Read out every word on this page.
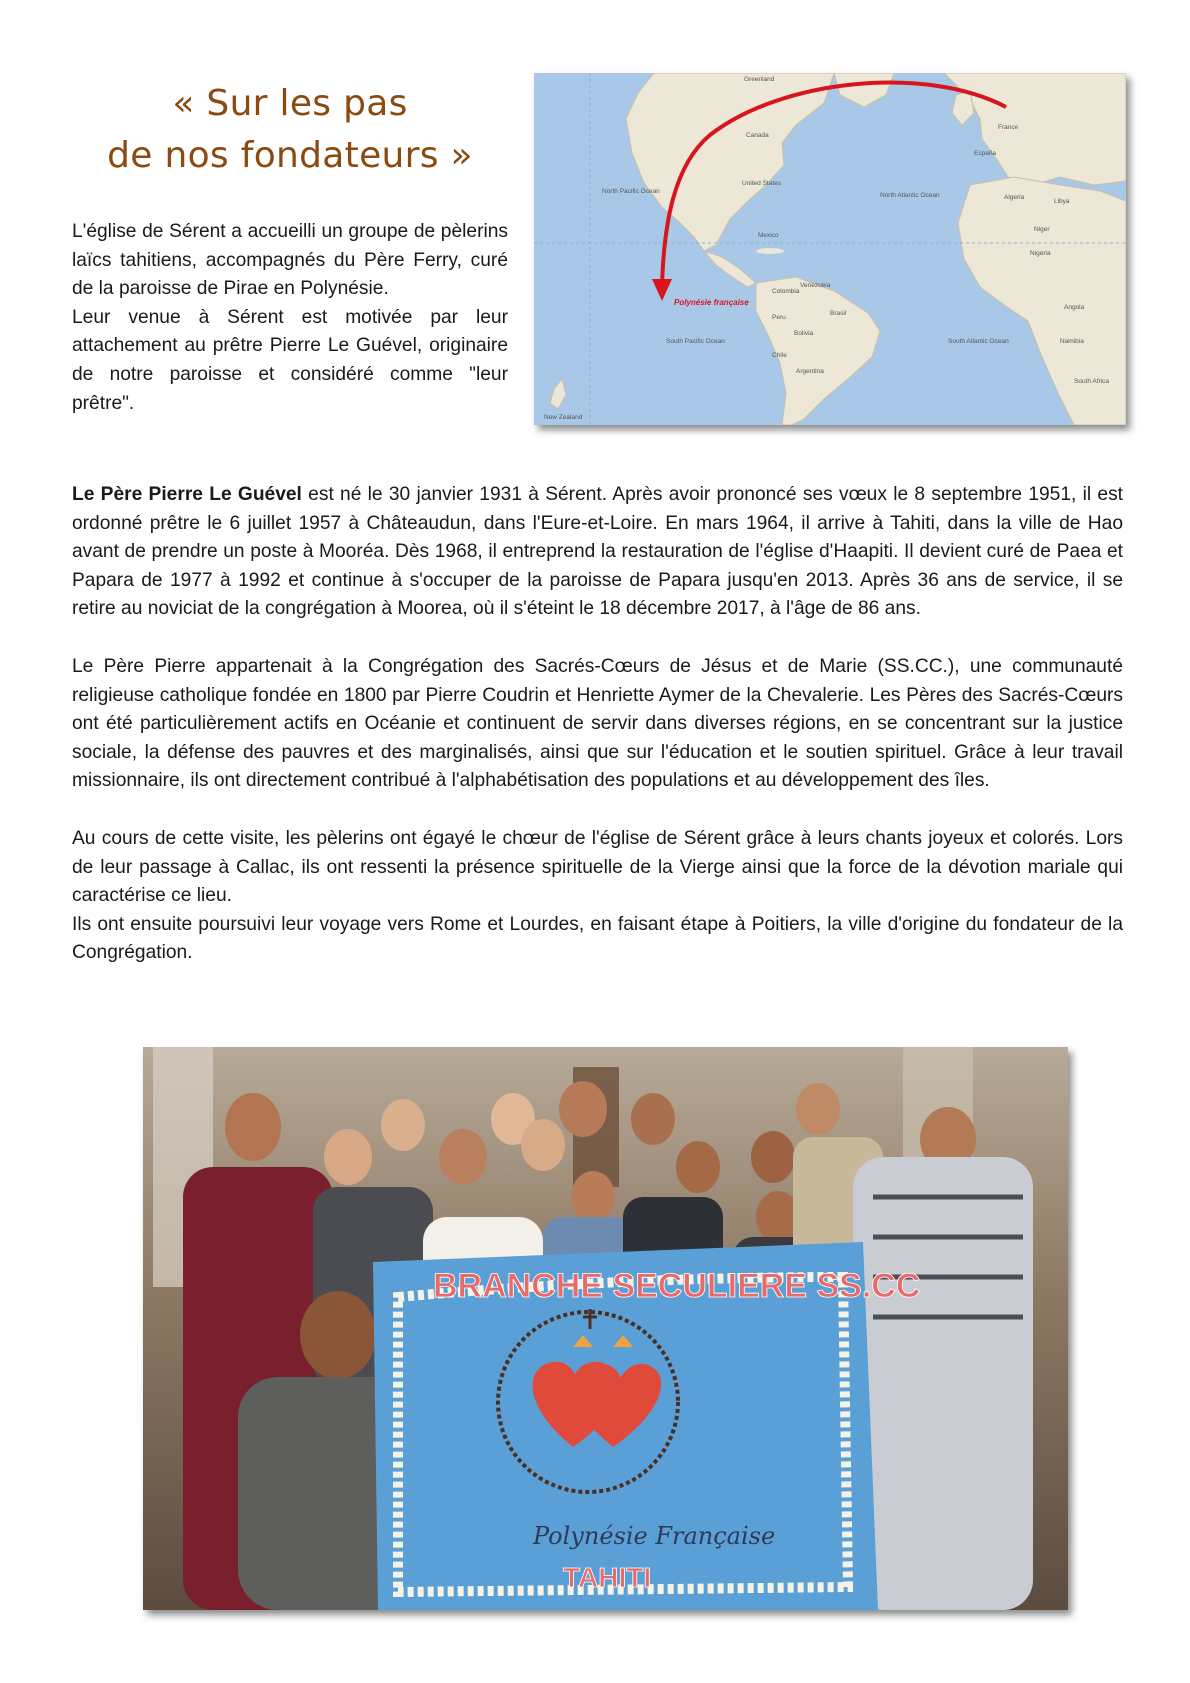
« Sur les pas
de nos fondateurs »

L'église de Sérent a accueilli un groupe de pèlerins laïcs tahitiens, accompagnés du Père Ferry, curé de la paroisse de Pirae en Polynésie.

Leur venue à Sérent est motivée par leur attachement au prêtre Pierre Le Guével, originaire de notre paroisse et considéré comme "leur prêtre".

Greenland
Canada
United States
Mexico
North Pacific Ocean
North Atlantic Ocean
South Pacific Ocean	South Atlantic Ocean
Colombia
Venezuela
Peru
Brasil
Bolivia
Chile
Argentina
France
España
Algeria
Libya
Niger
Nigeria
Angola
Namibia
South Africa
New Zealand
Polynésie française

Le Père Pierre Le Guével est né le 30 janvier 1931 à Sérent. Après avoir prononcé ses vœux le 8 septembre 1951, il est ordonné prêtre le 6 juillet 1957 à Châteaudun, dans l'Eure-et-Loire. En mars 1964, il arrive à Tahiti, dans la ville de Hao avant de prendre un poste à Mooréa. Dès 1968, il entreprend la restauration de l'église d'Haapiti. Il devient curé de Paea et Papara de 1977 à 1992 et continue à s'occuper de la paroisse de Papara jusqu'en 2013. Après 36 ans de service, il se retire au noviciat de la congrégation à Moorea, où il s'éteint le 18 décembre 2017, à l'âge de 86 ans.

Le Père Pierre appartenait à la Congrégation des Sacrés-Cœurs de Jésus et de Marie (SS.CC.), une communauté religieuse catholique fondée en 1800 par Pierre Coudrin et Henriette Aymer de la Chevalerie. Les Pères des Sacrés-Cœurs ont été particulièrement actifs en Océanie et continuent de servir dans diverses régions, en se concentrant sur la justice sociale, la défense des pauvres et des marginalisés, ainsi que sur l'éducation et le soutien spirituel. Grâce à leur travail missionnaire, ils ont directement contribué à l'alphabétisation des populations et au développement des îles.

Au cours de cette visite, les pèlerins ont égayé le chœur de l'église de Sérent grâce à leurs chants joyeux et colorés. Lors de leur passage à Callac, ils ont ressenti la présence spirituelle de la Vierge ainsi que la force de la dévotion mariale qui caractérise ce lieu.

Ils ont ensuite poursuivi leur voyage vers Rome et Lourdes, en faisant étape à Poitiers, la ville d'origine du fondateur de la Congrégation.

BRANCHE SECULIERE SS.CC
Polynésie Française
TAHITI
